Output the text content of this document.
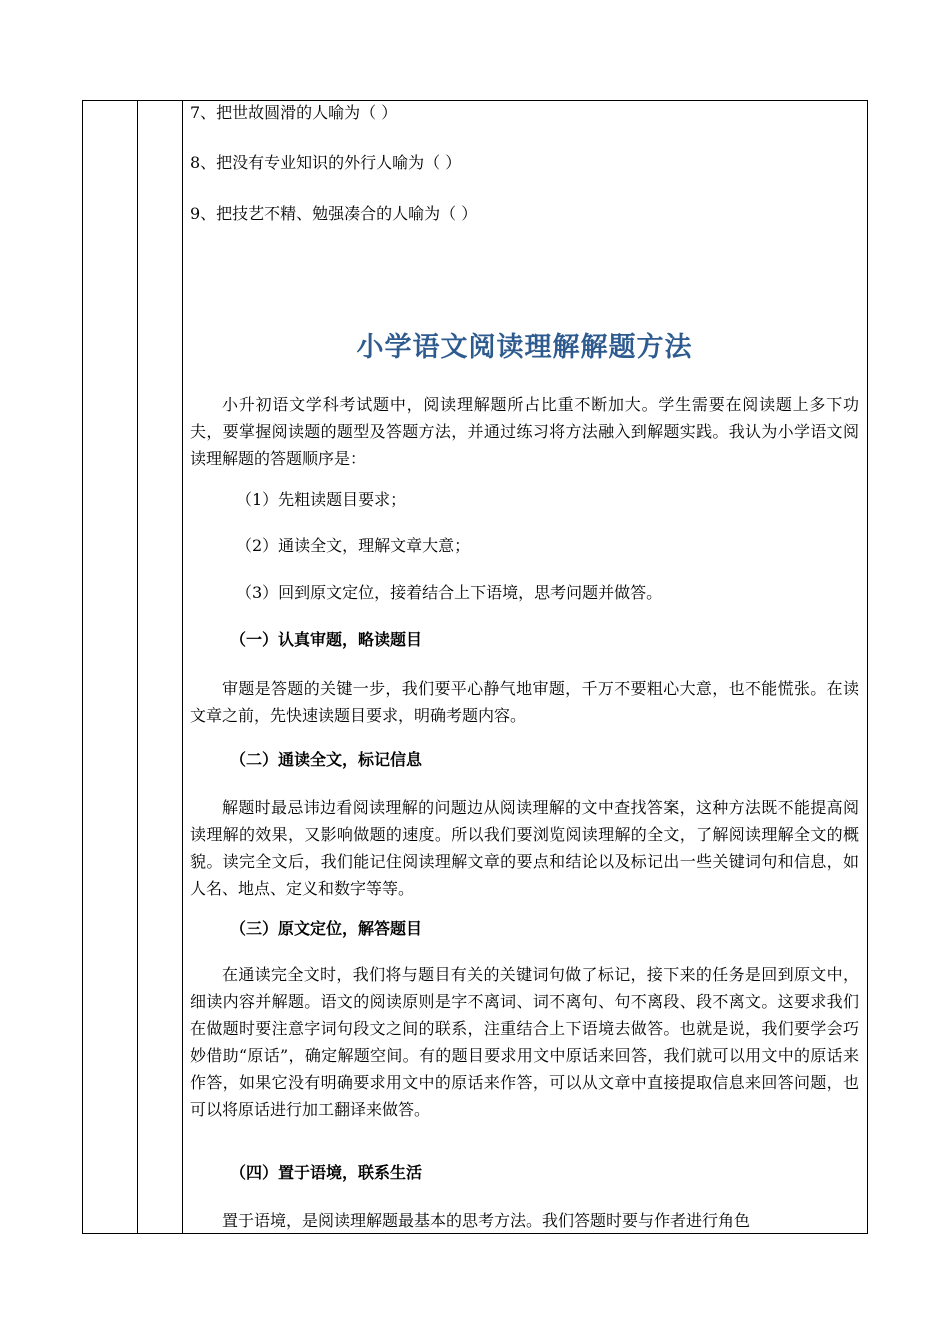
7、把世故圆滑的人喻为（ ）
8、把没有专业知识的外行人喻为（ ）
9、把技艺不精、勉强凑合的人喻为（ ）
小学语文阅读理解解题方法

小升初语文学科考试题中，阅读理解题所占比重不断加大。学生需要在阅读题上多下功夫，要掌握阅读题的题型及答题方法，并通过练习将方法融入到解题实践。我认为小学语文阅读理解题的答题顺序是：

（1）先粗读题目要求；
（2）通读全文，理解文章大意；
（3）回到原文定位，接着结合上下语境，思考问题并做答。
（一）认真审题，略读题目

审题是答题的关键一步，我们要平心静气地审题，千万不要粗心大意，也不能慌张。在读文章之前，先快速读题目要求，明确考题内容。

（二）通读全文，标记信息

解题时最忌讳边看阅读理解的问题边从阅读理解的文中查找答案，这种方法既不能提高阅读理解的效果，又影响做题的速度。所以我们要浏览阅读理解的全文，了解阅读理解全文的概貌。读完全文后，我们能记住阅读理解文章的要点和结论以及标记出一些关键词句和信息，如人名、地点、定义和数字等等。

（三）原文定位，解答题目

在通读完全文时，我们将与题目有关的关键词句做了标记，接下来的任务是回到原文中，细读内容并解题。语文的阅读原则是字不离词、词不离句、句不离段、段不离文。这要求我们在做题时要注意字词句段文之间的联系，注重结合上下语境去做答。也就是说，我们要学会巧妙借助“原话”，确定解题空间。有的题目要求用文中原话来回答，我们就可以用文中的原话来作答，如果它没有明确要求用文中的原话来作答，可以从文章中直接提取信息来回答问题，也可以将原话进行加工翻译来做答。

（四）置于语境，联系生活

置于语境，是阅读理解题最基本的思考方法。我们答题时要与作者进行角色
